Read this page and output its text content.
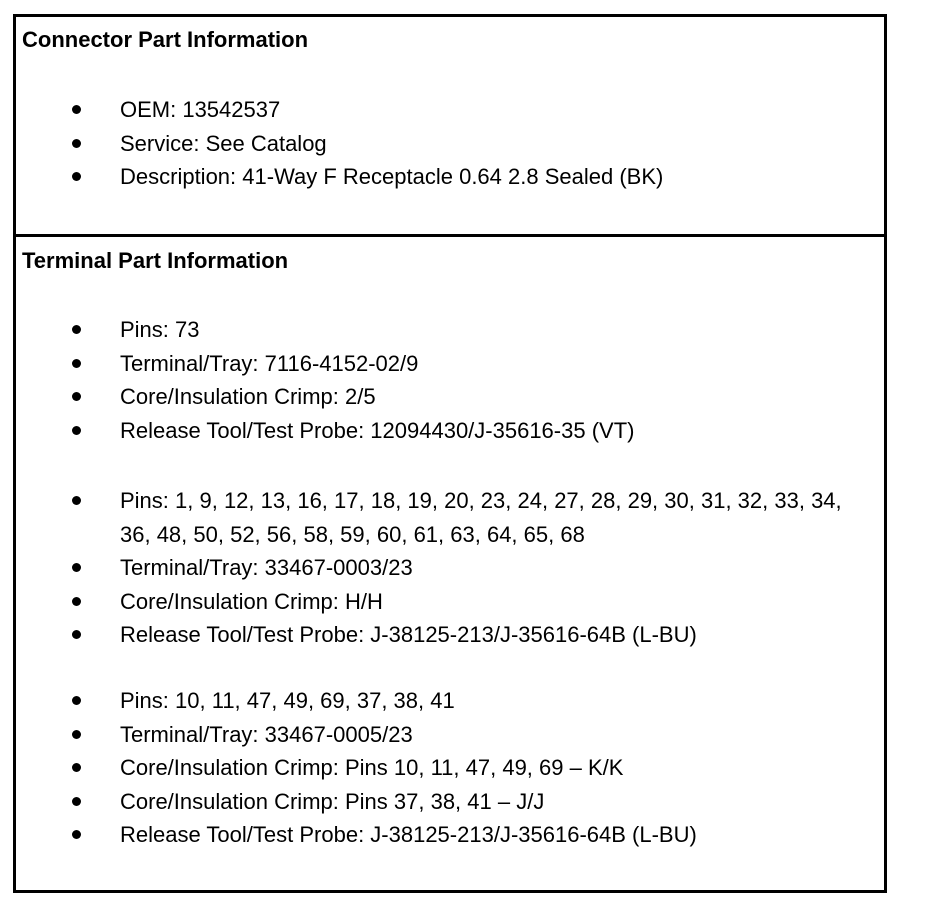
Connector Part Information
OEM: 13542537
Service: See Catalog
Description: 41-Way F Receptacle 0.64 2.8 Sealed (BK)
Terminal Part Information
Pins: 73
Terminal/Tray: 7116-4152-02/9
Core/Insulation Crimp: 2/5
Release Tool/Test Probe: 12094430/J-35616-35 (VT)
Pins: 1, 9, 12, 13, 16, 17, 18, 19, 20, 23, 24, 27, 28, 29, 30, 31, 32, 33, 34, 36, 48, 50, 52, 56, 58, 59, 60, 61, 63, 64, 65, 68
Terminal/Tray: 33467-0003/23
Core/Insulation Crimp: H/H
Release Tool/Test Probe: J-38125-213/J-35616-64B (L-BU)
Pins: 10, 11, 47, 49, 69, 37, 38, 41
Terminal/Tray: 33467-0005/23
Core/Insulation Crimp: Pins 10, 11, 47, 49, 69 – K/K
Core/Insulation Crimp: Pins 37, 38, 41 – J/J
Release Tool/Test Probe: J-38125-213/J-35616-64B (L-BU)
